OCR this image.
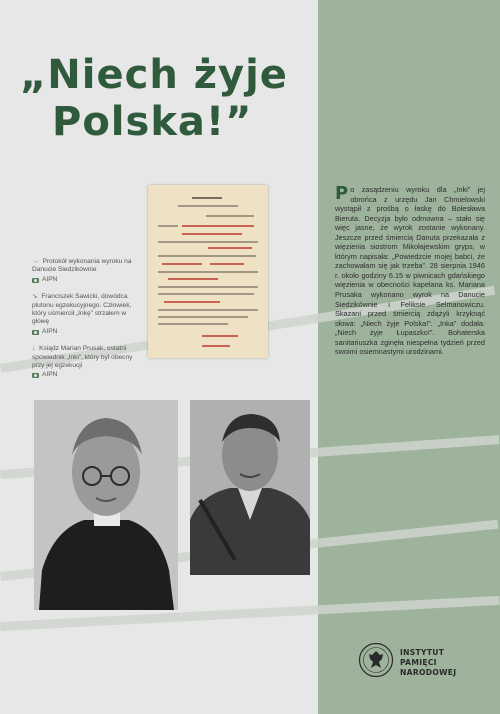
„Niech żyje
Polska!”
→ Protokół wykonania wyroku na Danucie Siedzikównie
AIPN
↘ Franciszek Sawicki, dowódca plutonu egzekucyjnego. Człowiek, który uśmiercił „Inkę” strzałem w głowę
AIPN
↓ Ksiądz Marian Prusak, ostatni spowiednik „Inki”, który był obecny przy jej egzekucji
AIPN
P o zasądzeniu wyroku dla „Inki” jej obrońca z urzędu Jan Chmielowski wystąpił z prośbą o łaskę do Bolesława Bieruta. Decyzja było odmowna – stało się więc jasne, że wyrok zostanie wykonany. Jeszcze przed śmiercią Danuta przekazała z więzienia siostrom Mikołajewskim gryps, w którym napisała: „Powiedzcie mojej babci, że zachowałam się jak trzeba”. 28 sierpnia 1946 r. około godziny 6.15 w piwnicach gdańskiego więzienia w obecności kapelana ks. Mariana Prusaka wykonano wyrok na Danucie Siedzikównie i Feliksie Selmanowiczu. Skazani przed śmiercią zdążyli krzyknąć słowa: „Niech żyje Polska!”. „Inka” dodała: „Niech żyje Łupaszko!”. Bohaterska sanitariuszka zginęła niespełna tydzień przed swoimi osiemnastymi urodzinami.
INSTYTUT
PAMIĘCI
NARODOWEJ
